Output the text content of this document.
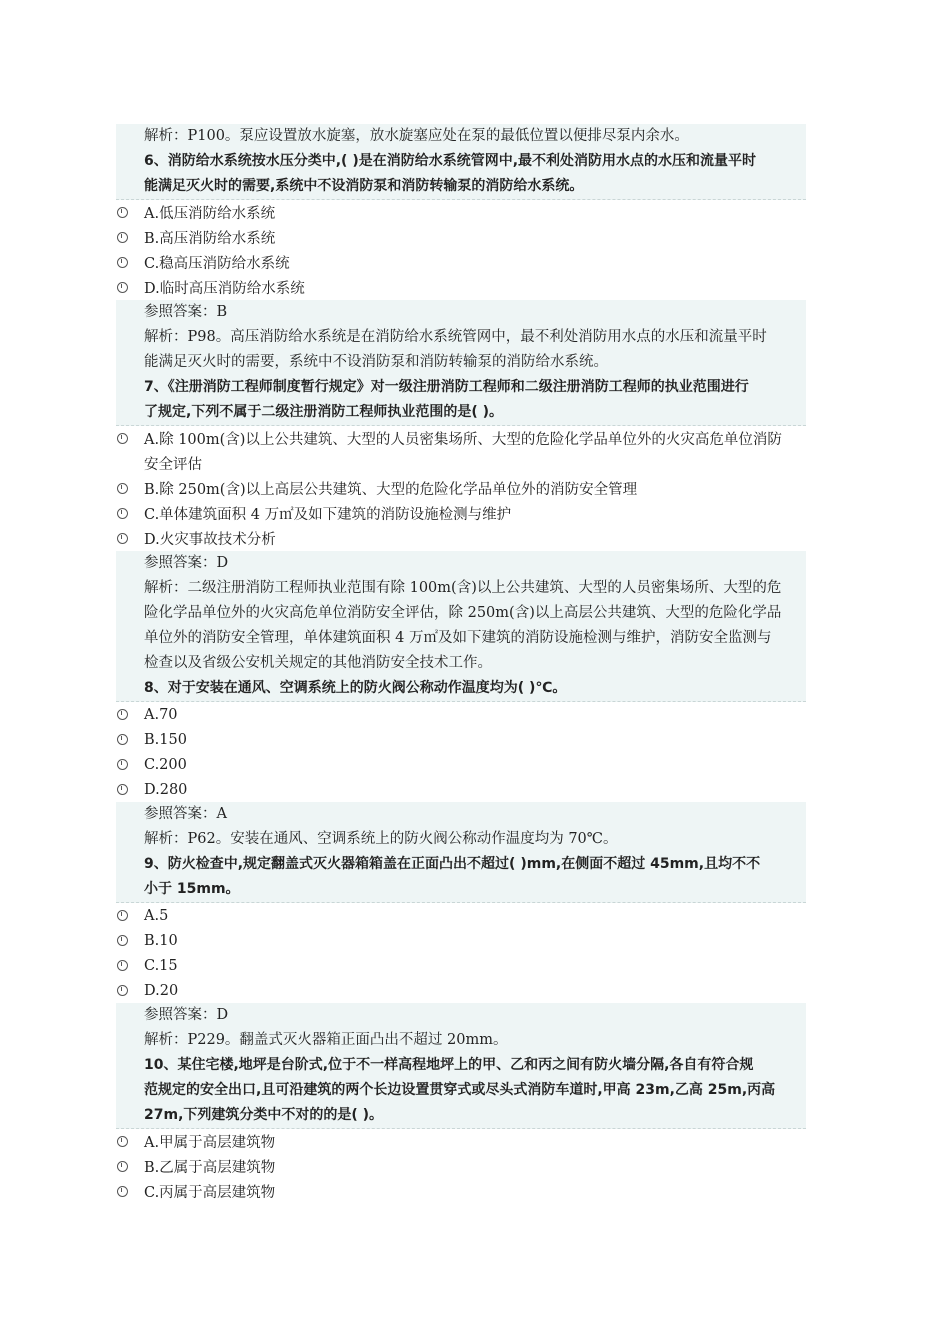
解析：P100。泵应设置放水旋塞，放水旋塞应处在泵的最低位置以便排尽泵内余水。
6、消防给水系统按水压分类中,( )是在消防给水系统管网中,最不利处消防用水点的水压和流量平时
能满足灭火时的需要,系统中不设消防泵和消防转输泵的消防给水系统。
A.低压消防给水系统
B.高压消防给水系统
C.稳高压消防给水系统
D.临时高压消防给水系统
参照答案：B
解析：P98。高压消防给水系统是在消防给水系统管网中，最不利处消防用水点的水压和流量平时
能满足灭火时的需要，系统中不设消防泵和消防转输泵的消防给水系统。
7、《注册消防工程师制度暂行规定》对一级注册消防工程师和二级注册消防工程师的执业范围进行
了规定,下列不属于二级注册消防工程师执业范围的是( )。
A.除 100m(含)以上公共建筑、大型的人员密集场所、大型的危险化学品单位外的火灾高危单位消防
安全评估
B.除 250m(含)以上高层公共建筑、大型的危险化学品单位外的消防安全管理
C.单体建筑面积 4 万㎡及如下建筑的消防设施检测与维护
D.火灾事故技术分析
参照答案：D
解析：二级注册消防工程师执业范围有除 100m(含)以上公共建筑、大型的人员密集场所、大型的危
险化学品单位外的火灾高危单位消防安全评估，除 250m(含)以上高层公共建筑、大型的危险化学品
单位外的消防安全管理，单体建筑面积 4 万㎡及如下建筑的消防设施检测与维护，消防安全监测与
检查以及省级公安机关规定的其他消防安全技术工作。
8、对于安装在通风、空调系统上的防火阀公称动作温度均为( )℃。
A.70
B.150
C.200
D.280
参照答案：A
解析：P62。安装在通风、空调系统上的防火阀公称动作温度均为 70℃。
9、防火检查中,规定翻盖式灭火器箱箱盖在正面凸出不超过( )mm,在侧面不超过 45mm,且均不不
小于 15mm。
A.5
B.10
C.15
D.20
参照答案：D
解析：P229。翻盖式灭火器箱正面凸出不超过 20mm。
10、某住宅楼,地坪是台阶式,位于不一样高程地坪上的甲、乙和丙之间有防火墙分隔,各自有符合规
范规定的安全出口,且可沿建筑的两个长边设置贯穿式或尽头式消防车道时,甲高 23m,乙高 25m,丙高
27m,下列建筑分类中不对的的是( )。
A.甲属于高层建筑物
B.乙属于高层建筑物
C.丙属于高层建筑物
